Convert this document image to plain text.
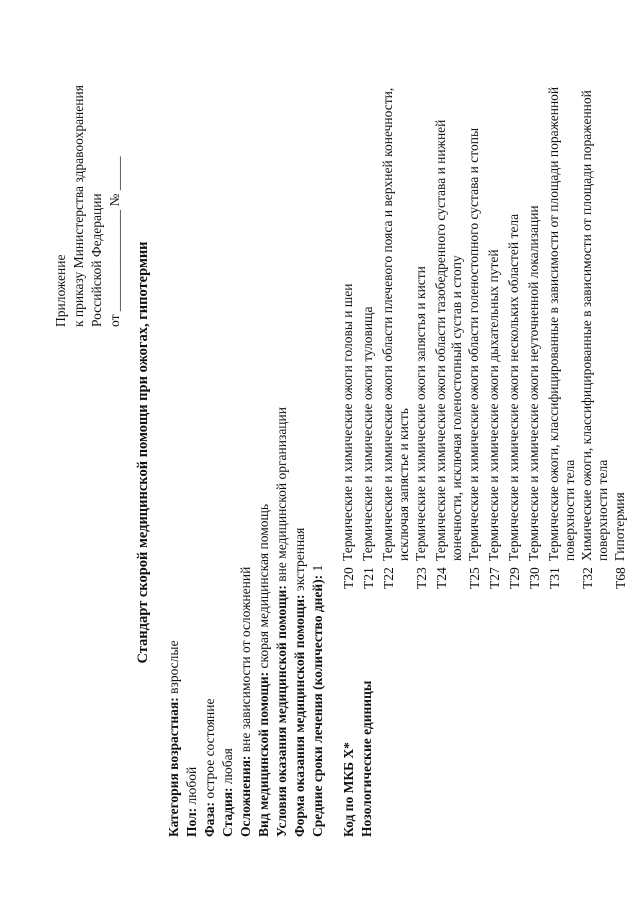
Приложение к приказу Министерства здравоохранения Российской Федерации от _______________ № _____ Стандарт скорой медицинской помощи при ожогах, гипотермии
Категория возрастная: взрослые
Пол: любой
Фаза: острое состояние
Стадия: любая Осложнения: вне зависимости от осложнений Вид медицинской помощи: скорая медицинская помощь Условия оказания медицинской помощи: вне медицинской организации
Форма оказания медицинской помощи: экстренная
Средние сроки лечения (количество дней): 1
Код по МКБ X* Нозологические единицы
T20
Термические и химические ожоги головы и шеи
T21
Термические и химические ожоги туловища
T22
Термические и химические ожоги области плечевого пояса и верхней конечности, исключая запястье и кисть
T23
Термические и химические ожоги запястья и кисти
T24
Термические и химические ожоги области тазобедренного сустава и нижней конечности, исключая голеностопный сустав и стопу
T25
Термические и химические ожоги области голеностопного сустава и стопы
T27
Термические и химические ожоги дыхательных путей
T29
Термические и химические ожоги нескольких областей тела
T30
Термические и химические ожоги неуточненной локализации
T31
Термические ожоги, классифицированные в зависимости от площади пораженной поверхности тела
T32
Химические ожоги, классифицированные в зависимости от площади пораженной поверхности тела
T68
Гипотермия
